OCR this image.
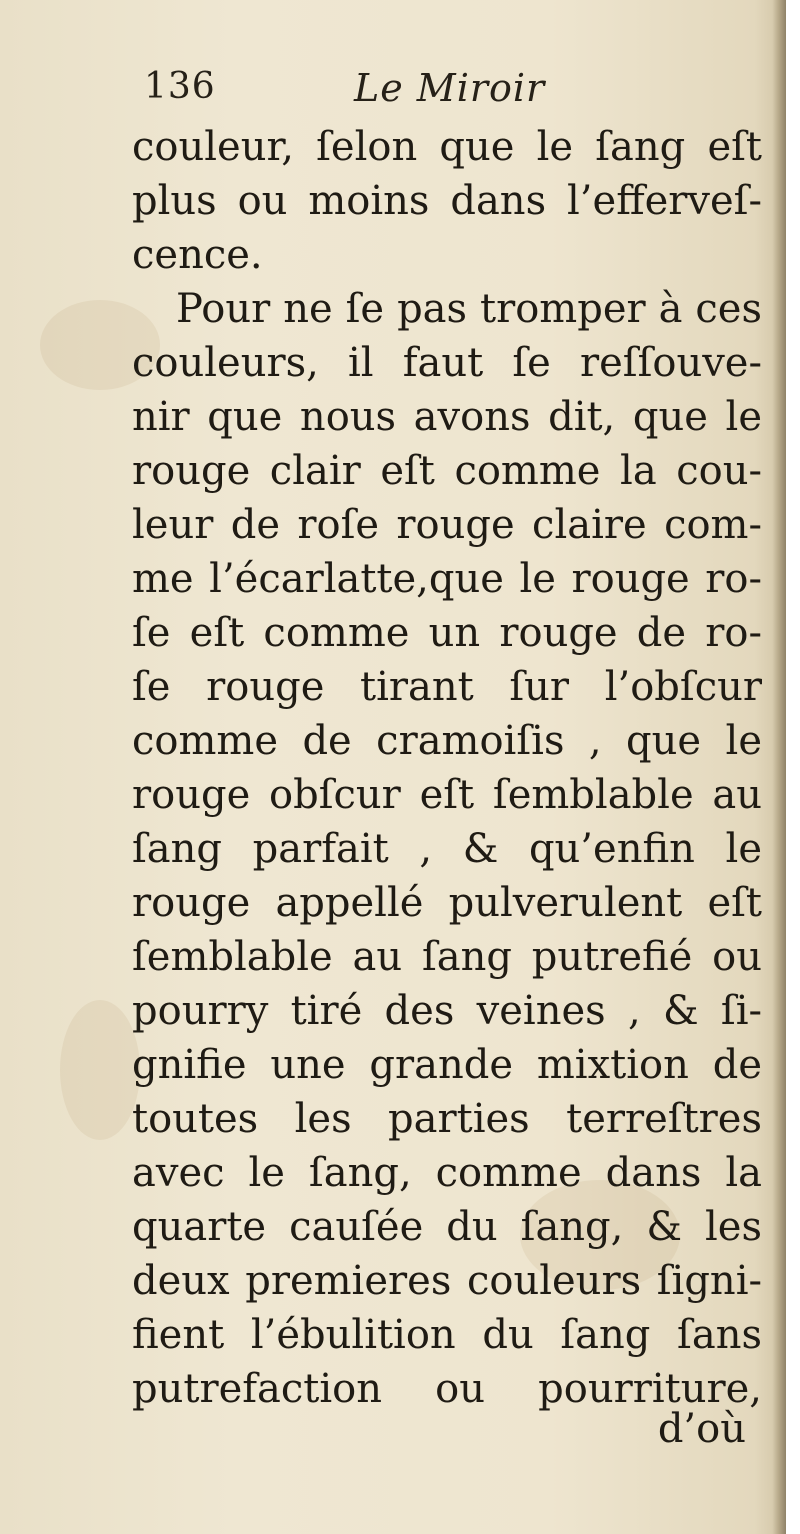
136	Le Miroir
couleur, ſelon que le ſang eſt
plus ou moins dans l’efferveſ-
cence.
Pour ne ſe pas tromper à ces
couleurs, il faut ſe reſſouve-
nir que nous avons dit, que le
rouge clair eſt comme la cou-
leur de roſe rouge claire com-
me l’écarlatte,que le rouge ro-
ſe eſt comme un rouge de ro-
ſe rouge tirant ſur l’obſcur
comme de cramoiſis , que le
rouge obſcur eſt ſemblable au
ſang parfait , & qu’enfin le
rouge appellé pulverulent eſt
ſemblable au ſang putrefié ou
pourry tiré des veines , & ſi-
gnifie une grande mixtion de
toutes les parties terreſtres
avec le ſang, comme dans la
quarte cauſée du ſang, & les
deux premieres couleurs ſigni-
fient l’ébulition du ſang ſans
putrefaction ou pourriture,
d’où
